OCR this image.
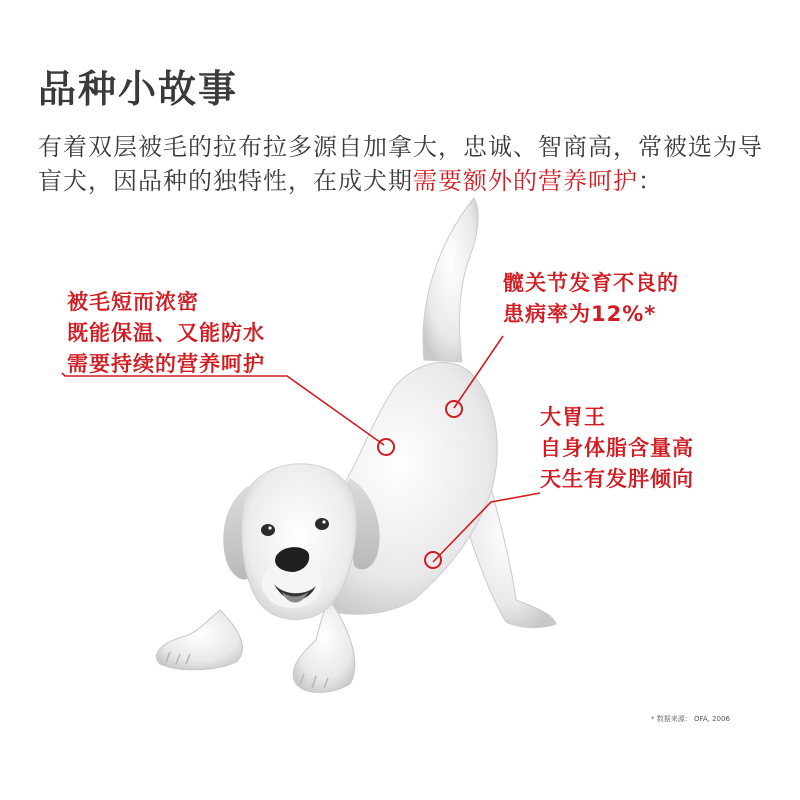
品种小故事
有着双层被毛的拉布拉多源自加拿大，忠诚、智商高，常被选为导盲犬，因品种的独特性，在成犬期需要额外的营养呵护：
被毛短而浓密
既能保温、又能防水
需要持续的营养呵护
髋关节发育不良的
患病率为12%*
大胃王
自身体脂含量高
天生有发胖倾向
* 数据来源： OFA, 2006
